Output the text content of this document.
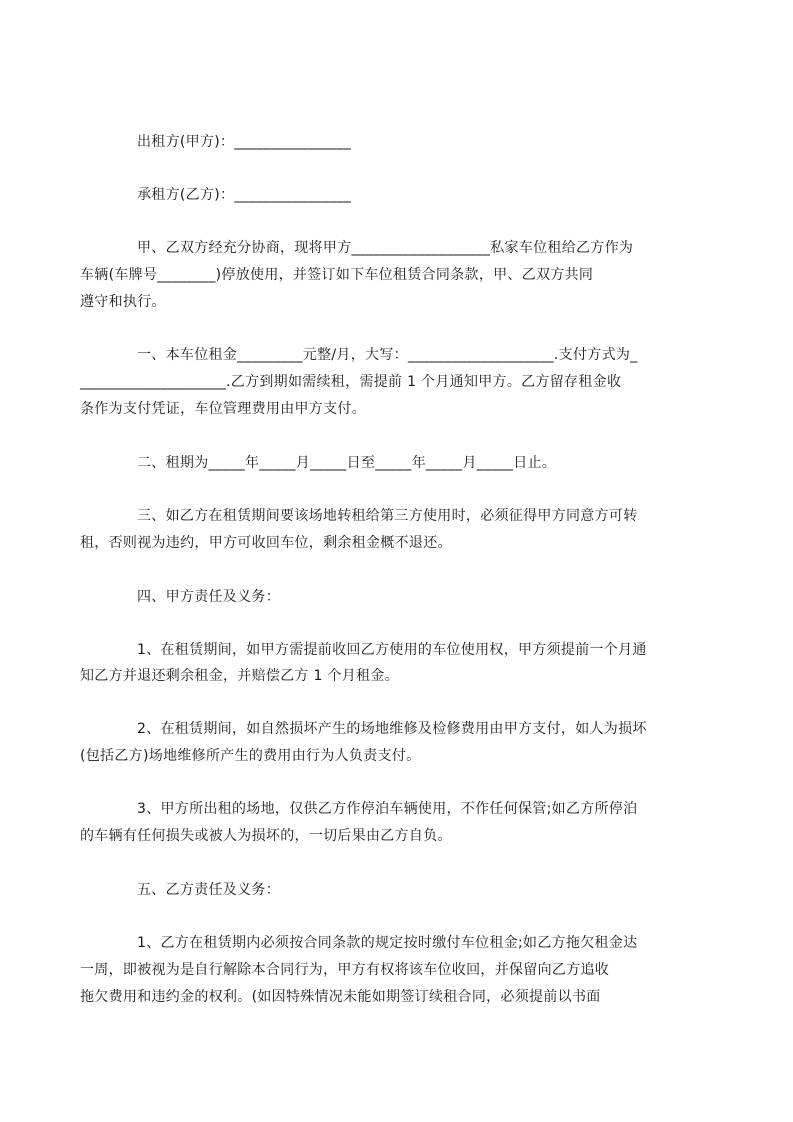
出租方(甲方)：________________
承租方(乙方)：________________
甲、乙双方经充分协商，现将甲方___________________私家车位租给乙方作为
车辆(车牌号________)停放使用，并签订如下车位租赁合同条款，甲、乙双方共同
遵守和执行。
一、本车位租金_________元整/月，大写：____________________.支付方式为_
____________________.乙方到期如需续租，需提前 1 个月通知甲方。乙方留存租金收
条作为支付凭证，车位管理费用由甲方支付。
二、租期为_____年_____月_____日至_____年_____月_____日止。
三、如乙方在租赁期间要该场地转租给第三方使用时，必须征得甲方同意方可转
租，否则视为违约，甲方可收回车位，剩余租金概不退还。
四、甲方责任及义务：
1、在租赁期间，如甲方需提前收回乙方使用的车位使用权，甲方须提前一个月通
知乙方并退还剩余租金，并赔偿乙方 1 个月租金。
2、在租赁期间，如自然损坏产生的场地维修及检修费用由甲方支付，如人为损坏
(包括乙方)场地维修所产生的费用由行为人负责支付。
3、甲方所出租的场地，仅供乙方作停泊车辆使用，不作任何保管;如乙方所停泊
的车辆有任何损失或被人为损坏的，一切后果由乙方自负。
五、乙方责任及义务：
1、乙方在租赁期内必须按合同条款的规定按时缴付车位租金;如乙方拖欠租金达
一周，即被视为是自行解除本合同行为，甲方有权将该车位收回，并保留向乙方追收
拖欠费用和违约金的权利。(如因特殊情况未能如期签订续租合同，必须提前以书面
